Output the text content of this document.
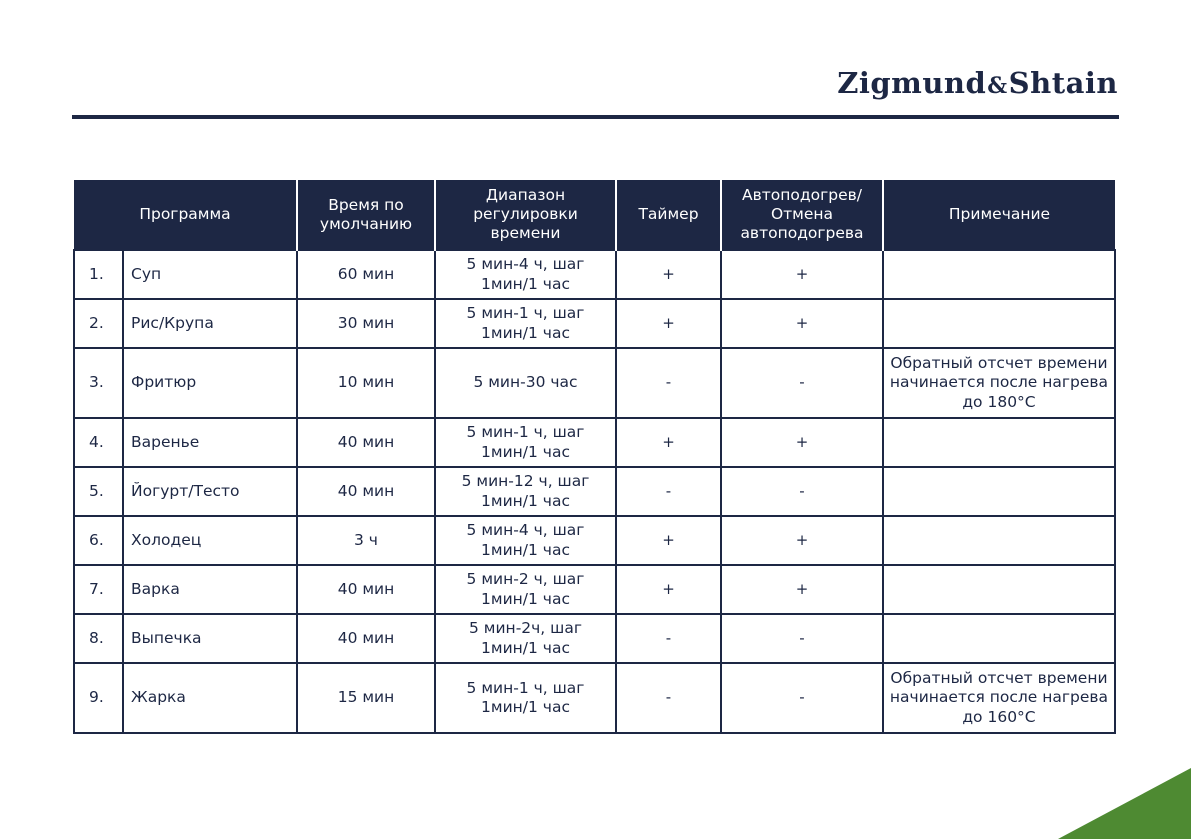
Zigmund&Shtain
Программа		Время по умолчанию	Диапазон регулировки времени	Таймер	Автоподогрев/ Отмена автоподогрева	Примечание
1.	Суп	60 мин	5 мин-4 ч, шаг 1мин/1 час	+	+	
2.	Рис/Крупа	30 мин	5 мин-1 ч, шаг 1мин/1 час	+	+	
3.	Фритюр	10 мин	5 мин-30 час	-	-	Обратный отсчет времени начинается после нагрева до 180°С
4.	Варенье	40 мин	5 мин-1 ч, шаг 1мин/1 час	+	+	
5.	Йогурт/Тесто	40 мин	5 мин-12 ч, шаг 1мин/1 час	-	-	
6.	Холодец	3 ч	5 мин-4 ч, шаг 1мин/1 час	+	+	
7.	Варка	40 мин	5 мин-2 ч, шаг 1мин/1 час	+	+	
8.	Выпечка	40 мин	5 мин-2ч, шаг 1мин/1 час	-	-	
9.	Жарка	15 мин	5 мин-1 ч, шаг 1мин/1 час	-	-	Обратный отсчет времени начинается после нагрева до 160°С
